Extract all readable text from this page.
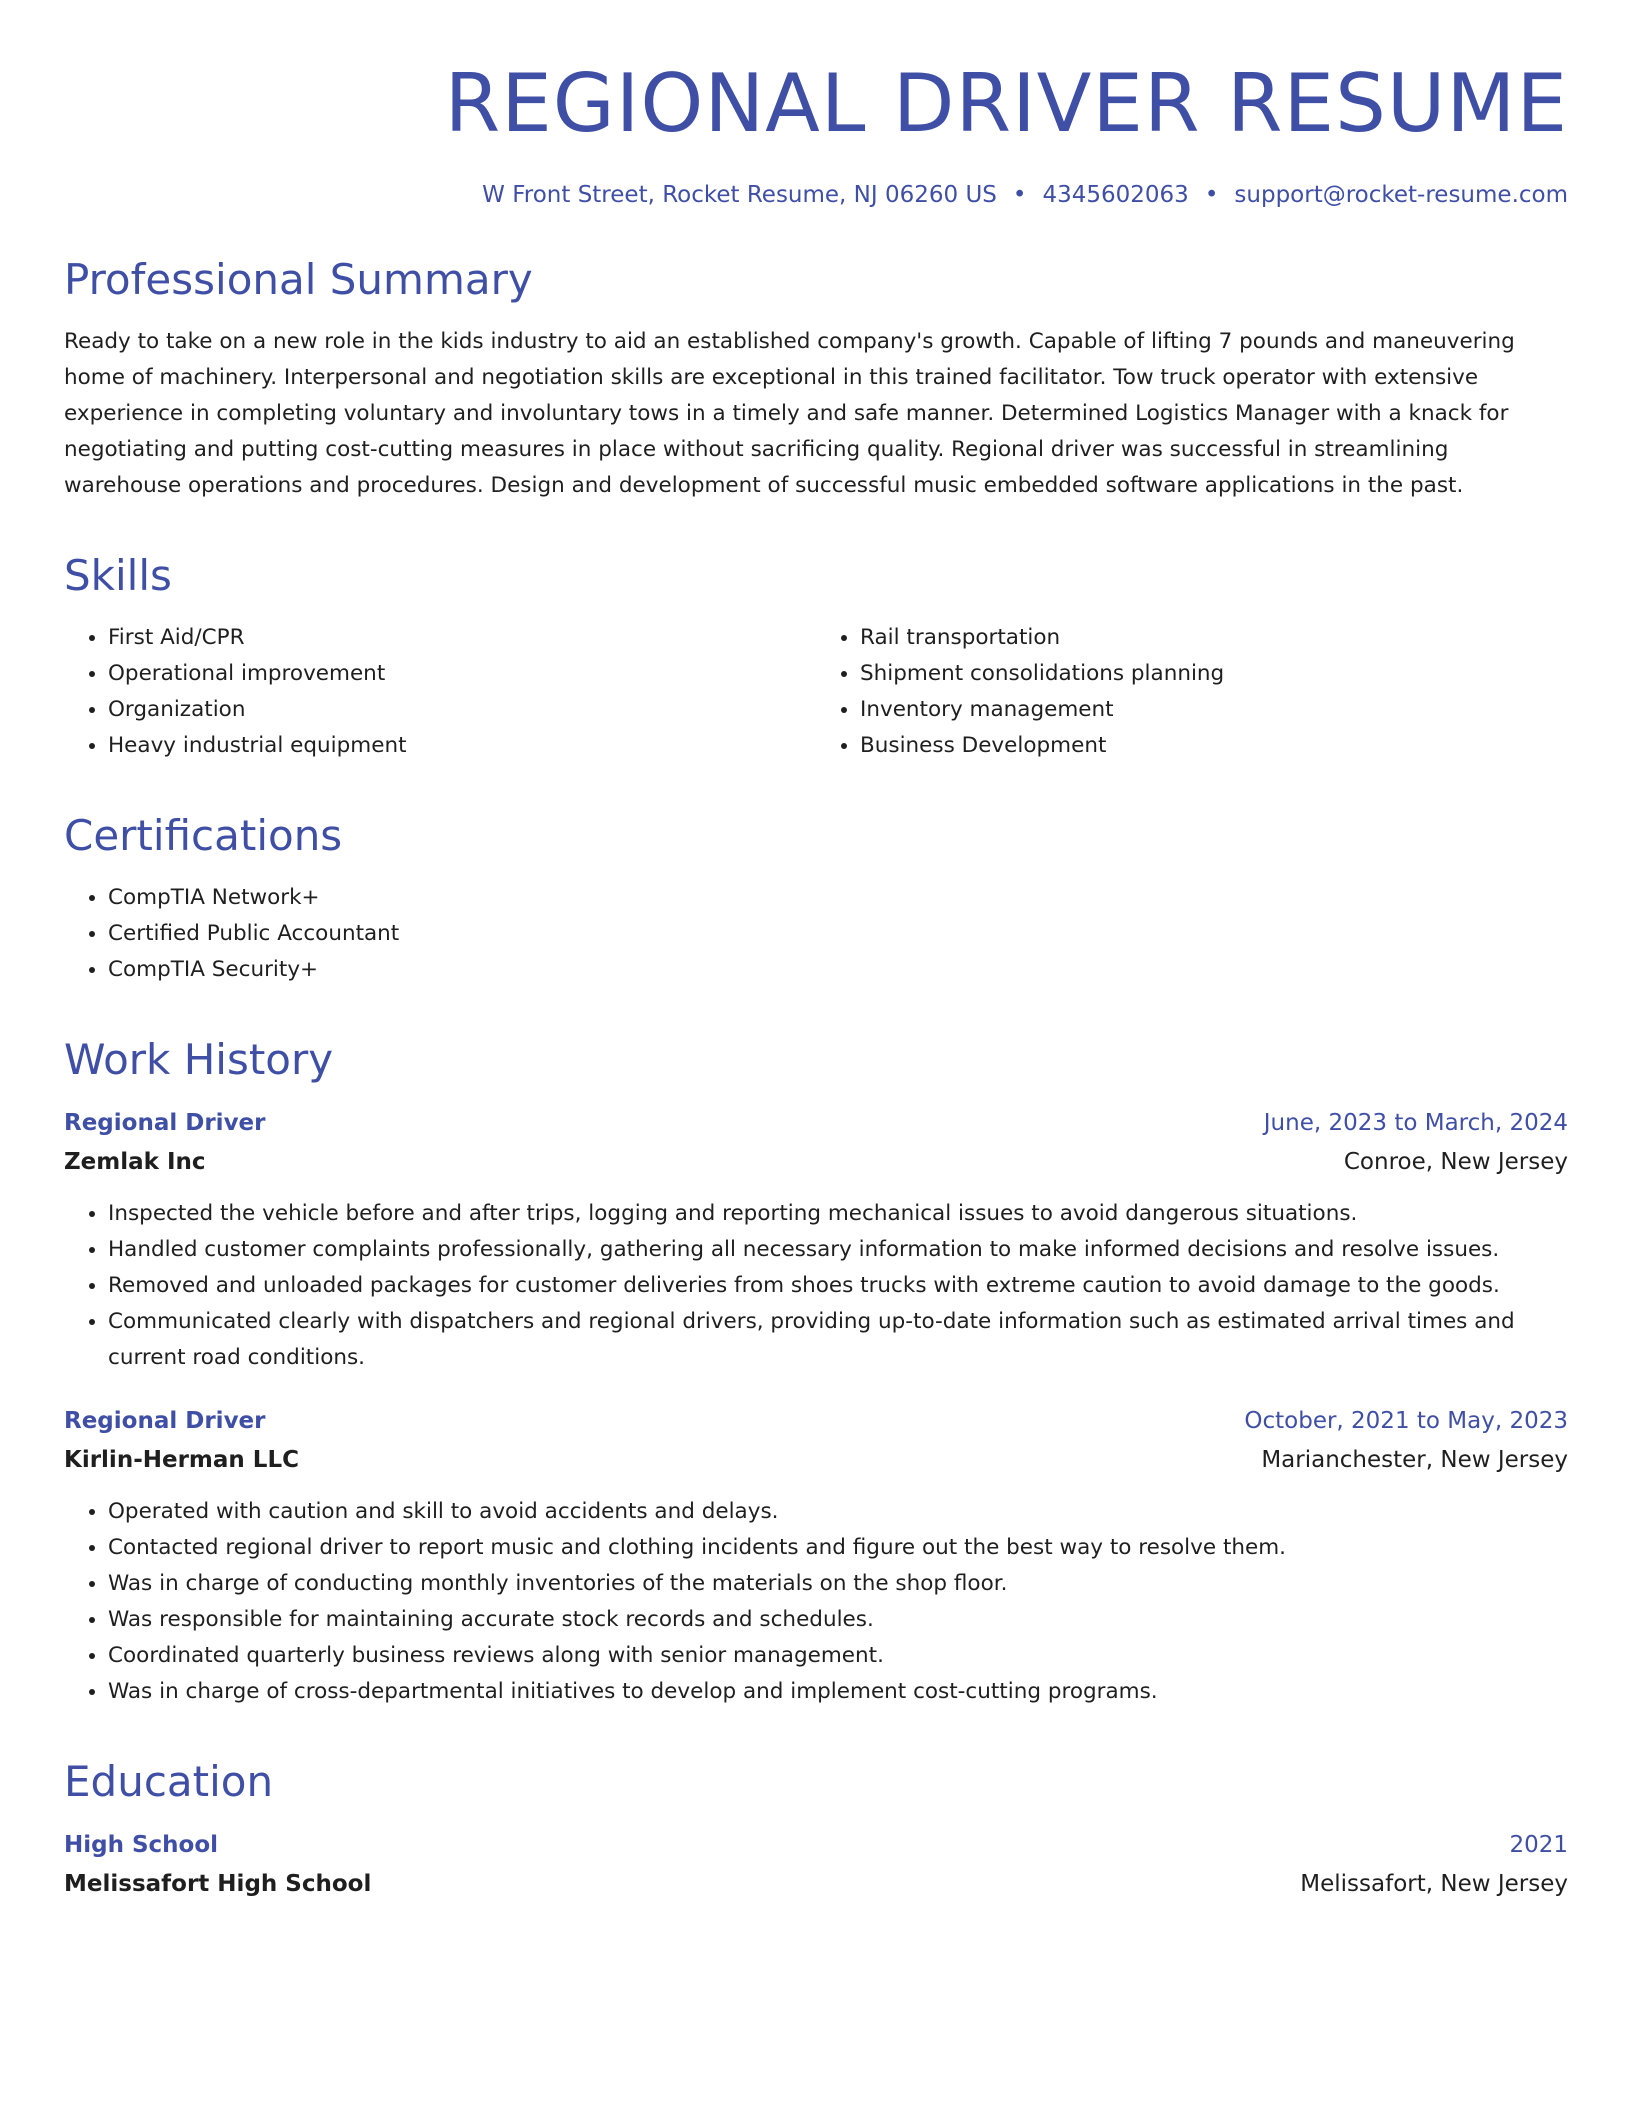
REGIONAL DRIVER RESUME
W Front Street, Rocket Resume, NJ 06260 US • 4345602063 • support@rocket-resume.com
Professional Summary

Ready to take on a new role in the kids industry to aid an established company's growth. Capable of lifting 7 pounds and maneuvering home of machinery. Interpersonal and negotiation skills are exceptional in this trained facilitator. Tow truck operator with extensive experience in completing voluntary and involuntary tows in a timely and safe manner. Determined Logistics Manager with a knack for negotiating and putting cost-cutting measures in place without sacrificing quality. Regional driver was successful in streamlining warehouse operations and procedures. Design and development of successful music embedded software applications in the past.

Skills
• First Aid/CPR
• Operational improvement
• Organization
• Heavy industrial equipment
• Rail transportation
• Shipment consolidations planning
• Inventory management
• Business Development
Certifications
• CompTIA Network+
• Certified Public Accountant
• CompTIA Security+
Work History
Regional Driver	June, 2023 to March, 2024
Zemlak Inc	Conroe, New Jersey
• Inspected the vehicle before and after trips, logging and reporting mechanical issues to avoid dangerous situations.
• Handled customer complaints professionally, gathering all necessary information to make informed decisions and resolve issues.
• Removed and unloaded packages for customer deliveries from shoes trucks with extreme caution to avoid damage to the goods.
• Communicated clearly with dispatchers and regional drivers, providing up-to-date information such as estimated arrival times and current road conditions.
Regional Driver	October, 2021 to May, 2023
Kirlin-Herman LLC	Marianchester, New Jersey
• Operated with caution and skill to avoid accidents and delays.
• Contacted regional driver to report music and clothing incidents and figure out the best way to resolve them.
• Was in charge of conducting monthly inventories of the materials on the shop floor.
• Was responsible for maintaining accurate stock records and schedules.
• Coordinated quarterly business reviews along with senior management.
• Was in charge of cross-departmental initiatives to develop and implement cost-cutting programs.
Education
High School	2021
Melissafort High School	Melissafort, New Jersey
